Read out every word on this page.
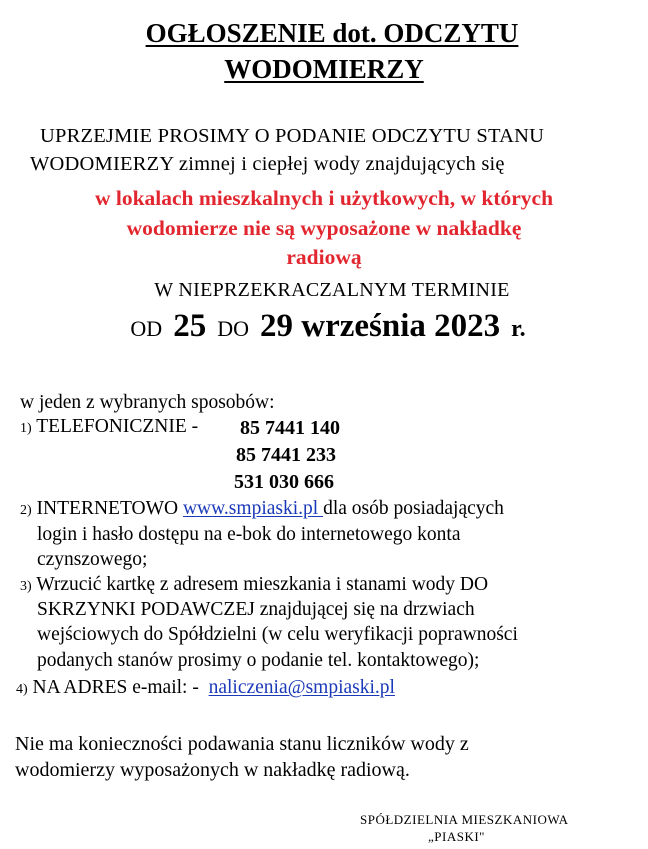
OGŁOSZENIE dot. ODCZYTU
WODOMIERZY
UPRZEJMIE PROSIMY O PODANIE ODCZYTU STANU
WODOMIERZY zimnej i ciepłej wody znajdujących się
w lokalach mieszkalnych i użytkowych, w których
wodomierze nie są wyposażone w nakładkę
radiową
W NIEPRZEKRACZALNYM TERMINIE
OD 25 DO 29 września 2023 r.
w jeden z wybranych sposobów:
1) TELEFONICZNIE - 85 7441 140
85 7441 233
531 030 666
2) INTERNETOWO www.smpiaski.pl dla osób posiadających
login i hasło dostępu na e-bok do internetowego konta
czynszowego;
3) Wrzucić kartkę z adresem mieszkania i stanami wody DO
SKRZYNKI PODAWCZEJ znajdującej się na drzwiach
wejściowych do Spółdzielni (w celu weryfikacji poprawności
podanych stanów prosimy o podanie tel. kontaktowego);
4) NA ADRES e-mail: - naliczenia@smpiaski.pl
Nie ma konieczności podawania stanu liczników wody z
wodomierzy wyposażonych w nakładkę radiową.
SPÓŁDZIELNIA MIESZKANIOWA
„PIASKI"
